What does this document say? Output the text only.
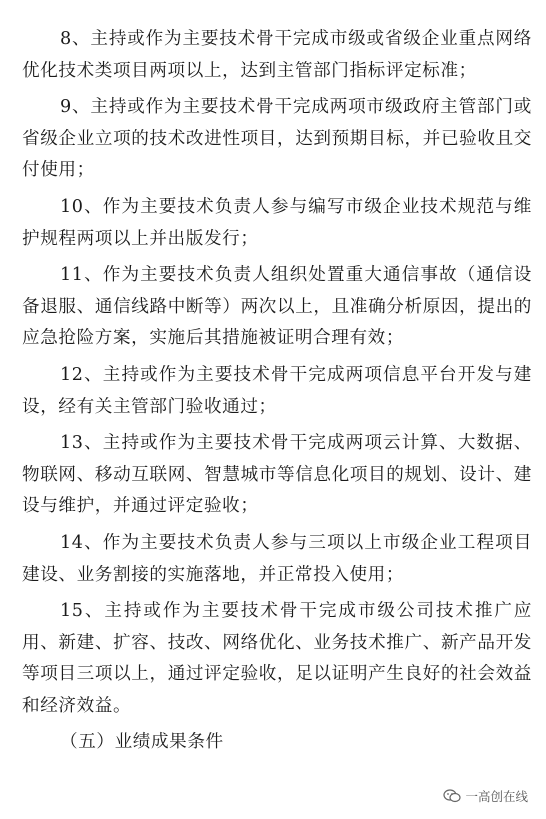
8、主持或作为主要技术骨干完成市级或省级企业重点网络优化技术类项目两项以上，达到主管部门指标评定标准；

9、主持或作为主要技术骨干完成两项市级政府主管部门或省级企业立项的技术改进性项目，达到预期目标，并已验收且交付使用；

10、作为主要技术负责人参与编写市级企业技术规范与维护规程两项以上并出版发行；

11、作为主要技术负责人组织处置重大通信事故（通信设备退服、通信线路中断等）两次以上，且准确分析原因，提出的应急抢险方案，实施后其措施被证明合理有效；

12、主持或作为主要技术骨干完成两项信息平台开发与建设，经有关主管部门验收通过；

13、主持或作为主要技术骨干完成两项云计算、大数据、物联网、移动互联网、智慧城市等信息化项目的规划、设计、建设与维护，并通过评定验收；

14、作为主要技术负责人参与三项以上市级企业工程项目建设、业务割接的实施落地，并正常投入使用；

15、主持或作为主要技术骨干完成市级公司技术推广应用、新建、扩容、技改、网络优化、业务技术推广、新产品开发等项目三项以上，通过评定验收，足以证明产生良好的社会效益和经济效益。

（五）业绩成果条件

一高创在线
